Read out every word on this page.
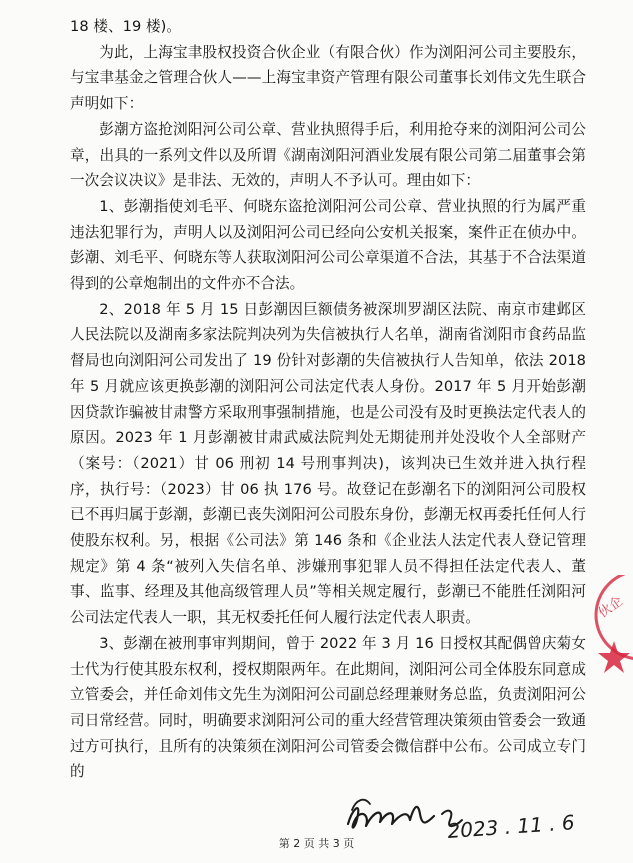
18 楼、19 楼)。

为此，上海宝聿股权投资合伙企业（有限合伙）作为浏阳河公司主要股东，与宝聿基金之管理合伙人——上海宝聿资产管理有限公司董事长刘伟文先生联合声明如下：

彭潮方盗抢浏阳河公司公章、营业执照得手后，利用抢夺来的浏阳河公司公章，出具的一系列文件以及所谓《湖南浏阳河酒业发展有限公司第二届董事会第一次会议决议》是非法、无效的，声明人不予认可。理由如下：

1、彭潮指使刘毛平、何晓东盗抢浏阳河公司公章、营业执照的行为属严重违法犯罪行为，声明人以及浏阳河公司已经向公安机关报案，案件正在侦办中。彭潮、刘毛平、何晓东等人获取浏阳河公司公章渠道不合法，其基于不合法渠道得到的公章炮制出的文件亦不合法。

2、2018 年 5 月 15 日彭潮因巨额债务被深圳罗湖区法院、南京市建邺区人民法院以及湖南多家法院判决列为失信被执行人名单，湖南省浏阳市食药品监督局也向浏阳河公司发出了 19 份针对彭潮的失信被执行人告知单，依法 2018 年 5 月就应该更换彭潮的浏阳河公司法定代表人身份。2017 年 5 月开始彭潮因贷款诈骗被甘肃警方采取刑事强制措施，也是公司没有及时更换法定代表人的原因。2023 年 1 月彭潮被甘肃武威法院判处无期徒刑并处没收个人全部财产（案号：（2021）甘 06 刑初 14 号刑事判决)，该判决已生效并进入执行程序，执行号：（2023）甘 06 执 176 号。故登记在彭潮名下的浏阳河公司股权已不再归属于彭潮，彭潮已丧失浏阳河公司股东身份，彭潮无权再委托任何人行使股东权利。另，根据《公司法》第 146 条和《企业法人法定代表人登记管理规定》第 4 条“被列入失信名单、涉嫌刑事犯罪人员不得担任法定代表人、董事、监事、经理及其他高级管理人员”等相关规定履行，彭潮已不能胜任浏阳河公司法定代表人一职，其无权委托任何人履行法定代表人职责。

3、彭潮在被刑事审判期间，曾于 2022 年 3 月 16 日授权其配偶曾庆菊女士代为行使其股东权利，授权期限两年。在此期间，浏阳河公司全体股东同意成立管委会，并任命刘伟文先生为浏阳河公司副总经理兼财务总监，负责浏阳河公司日常经营。同时，明确要求浏阳河公司的重大经营管理决策须由管委会一致通过方可执行，且所有的决策须在浏阳河公司管委会微信群中公布。公司成立专门的

伙企
2023 . 11 . 6
第 2 页 共 3 页
